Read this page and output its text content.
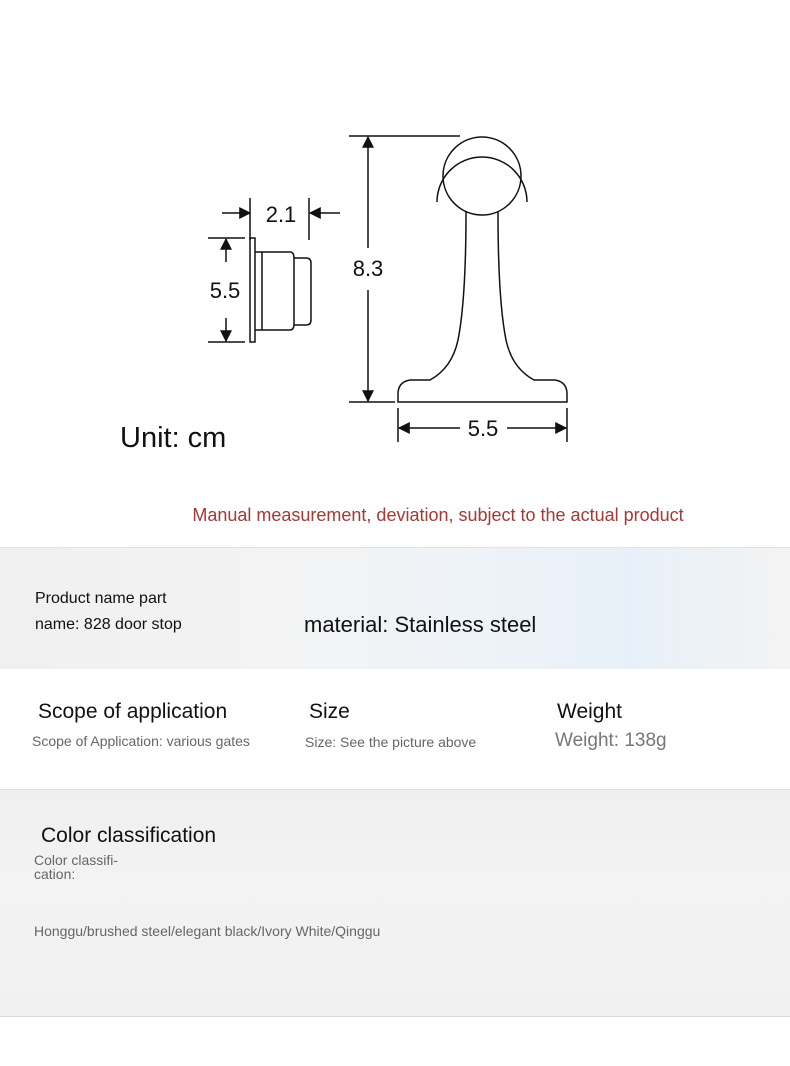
2.1
5.5
8.3
5.5
Unit: cm
Manual measurement, deviation, subject to the actual product
Product name part
name: 828 door stop	material: Stainless steel
Scope of application
Scope of Application: various gates
Size
Size: See the picture above
Weight
Weight: 138g
Color classification
Color classifi-
cation:
Honggu/brushed steel/elegant black/Ivory White/Qinggu
